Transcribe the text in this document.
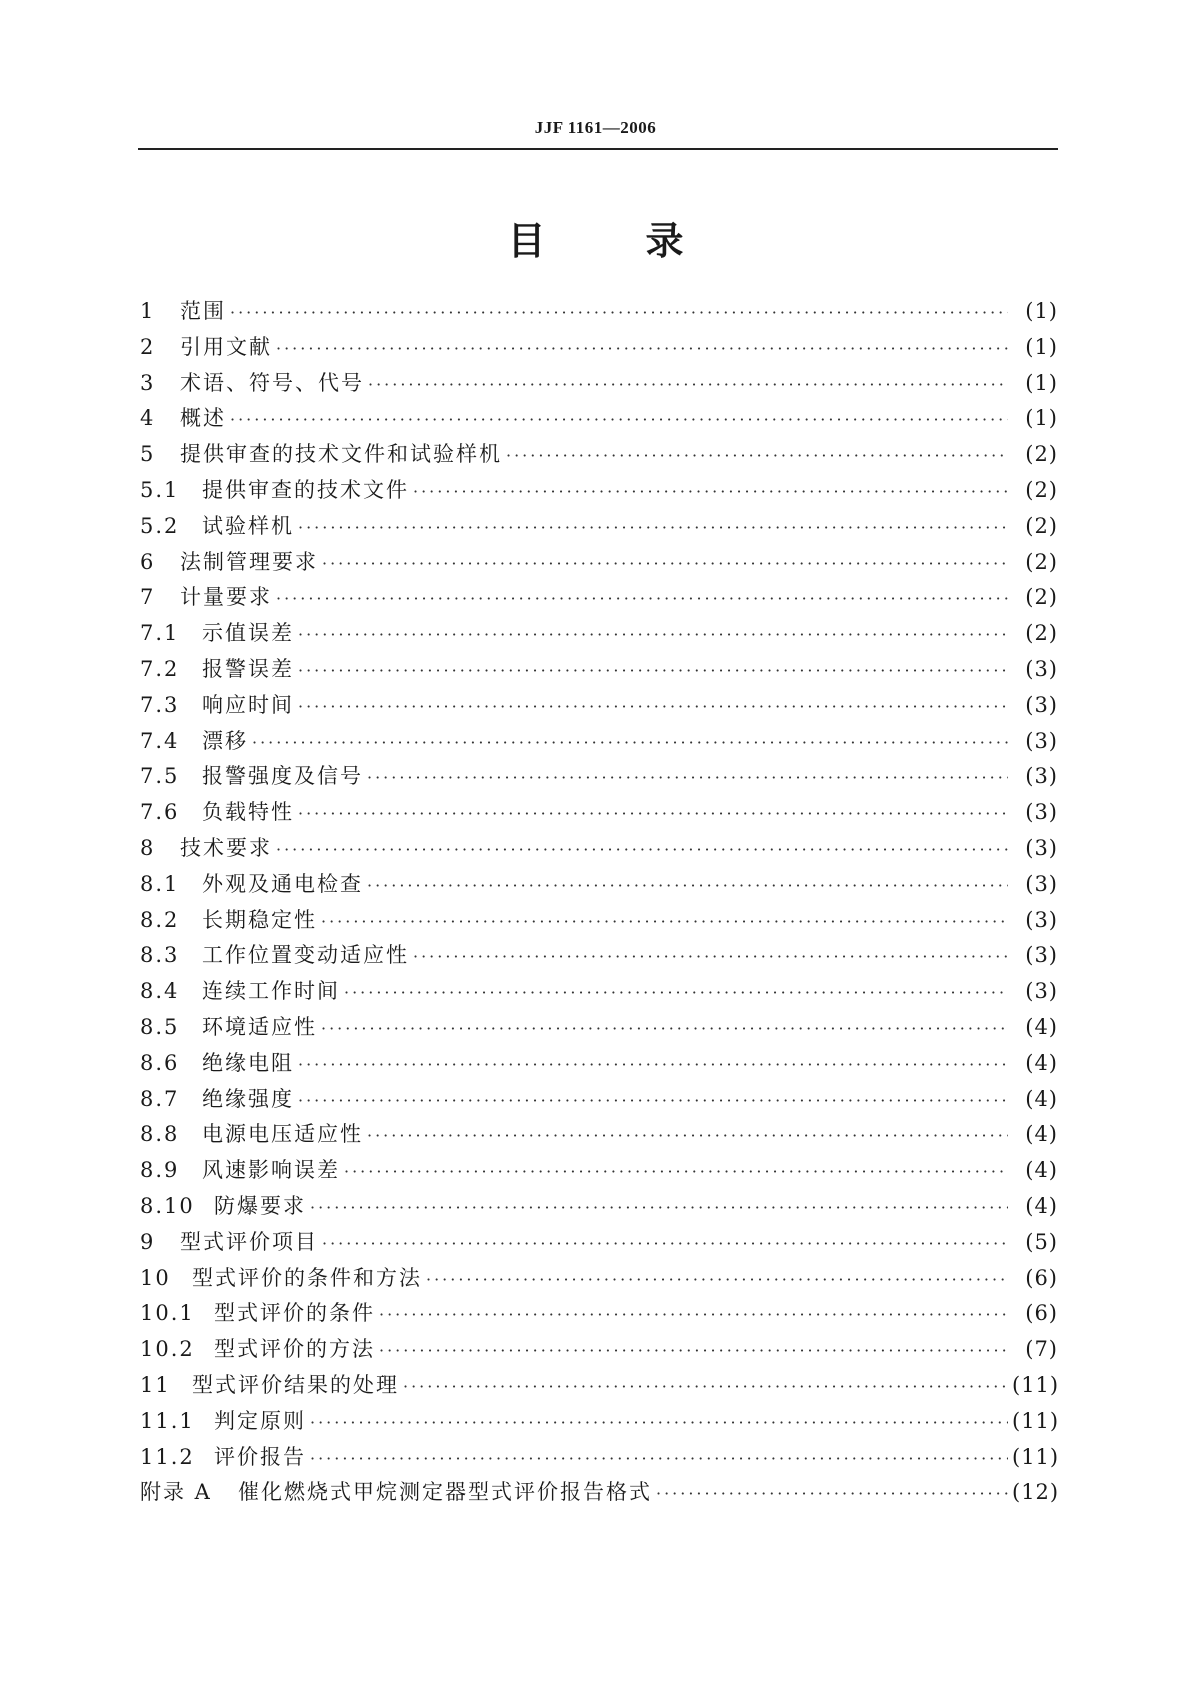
JJF 1161—2006
目	录
1	范围 ·····	(1)
2	引用文献 ·····	(1)
3	术语、符号、代号 ·····	(1)
4	概述 ·····	(1)
5	提供审查的技术文件和试验样机 ·····	(2)
5.1	提供审查的技术文件 ·····	(2)
5.2	试验样机 ·····	(2)
6	法制管理要求 ·····	(2)
7	计量要求 ·····	(2)
7.1	示值误差 ·····	(2)
7.2	报警误差 ·····	(3)
7.3	响应时间 ·····	(3)
7.4	漂移 ·····	(3)
7.5	报警强度及信号 ·····	(3)
7.6	负载特性 ·····	(3)
8	技术要求 ·····	(3)
8.1	外观及通电检查 ·····	(3)
8.2	长期稳定性 ·····	(3)
8.3	工作位置变动适应性 ·····	(3)
8.4	连续工作时间 ·····	(3)
8.5	环境适应性 ·····	(4)
8.6	绝缘电阻 ·····	(4)
8.7	绝缘强度 ·····	(4)
8.8	电源电压适应性 ·····	(4)
8.9	风速影响误差 ·····	(4)
8.10 防爆要求 ·····	(4)
9	型式评价项目 ·····	(5)
10	型式评价的条件和方法 ·····	(6)
10.1 型式评价的条件 ·····	(6)
10.2 型式评价的方法 ·····	(7)
11	型式评价结果的处理 ·····	(11)
11.1 判定原则 ·····	(11)
11.2 评价报告 ·····	(11)
附录 A	催化燃烧式甲烷测定器型式评价报告格式 ·····	(12)
